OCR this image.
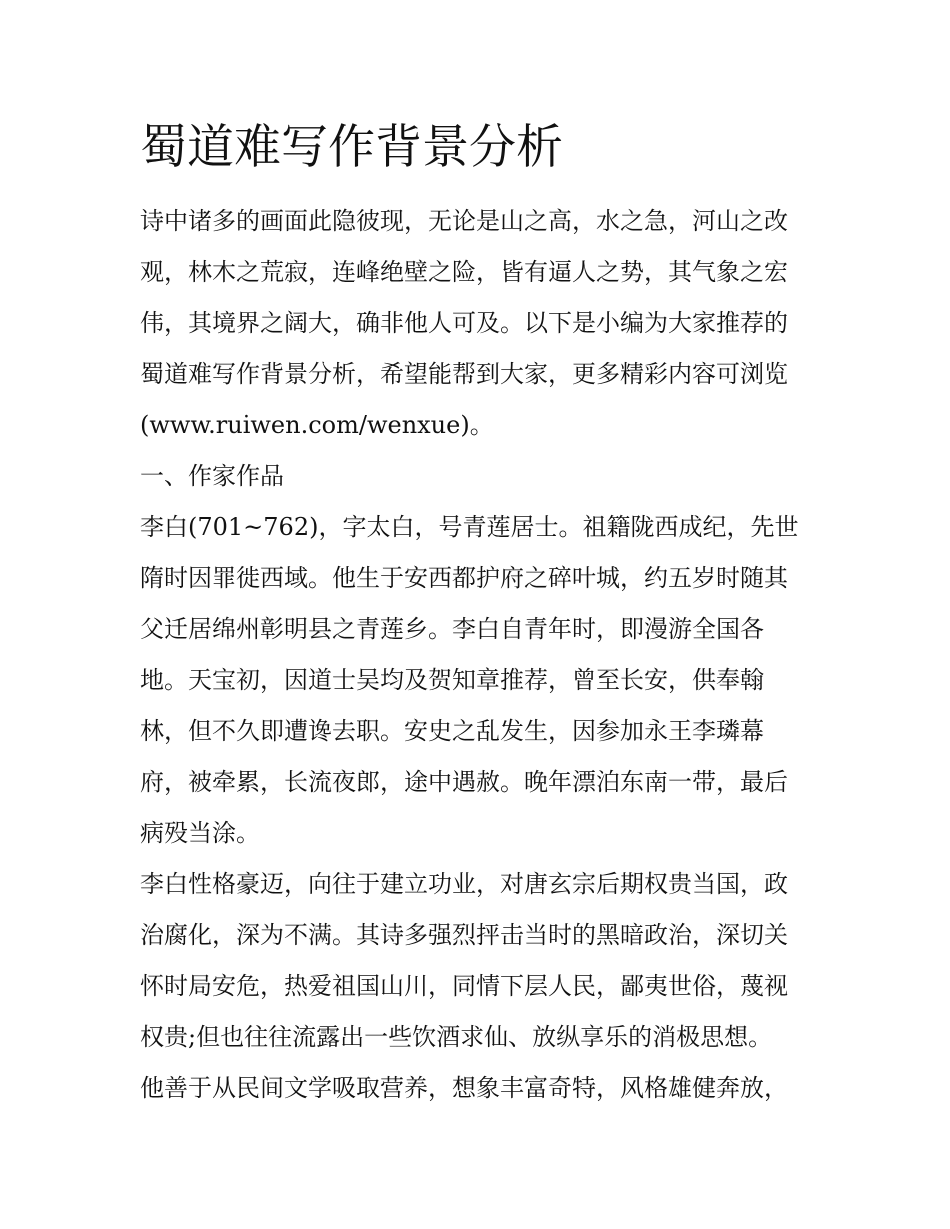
蜀道难写作背景分析

诗中诸多的画面此隐彼现，无论是山之高，水之急，河山之改

观，林木之荒寂，连峰绝壁之险，皆有逼人之势，其气象之宏

伟，其境界之阔大，确非他人可及。以下是小编为大家推荐的

蜀道难写作背景分析，希望能帮到大家，更多精彩内容可浏览

(www.ruiwen.com/wenxue)。

一、作家作品

李白(701~762)，字太白，号青莲居士。祖籍陇西成纪，先世

隋时因罪徙西域。他生于安西都护府之碎叶城，约五岁时随其

父迁居绵州彰明县之青莲乡。李白自青年时，即漫游全国各

地。天宝初，因道士吴均及贺知章推荐，曾至长安，供奉翰

林，但不久即遭谗去职。安史之乱发生，因参加永王李璘幕

府，被牵累，长流夜郎，途中遇赦。晚年漂泊东南一带，最后

病殁当涂。

李白性格豪迈，向往于建立功业，对唐玄宗后期权贵当国，政

治腐化，深为不满。其诗多强烈抨击当时的黑暗政治，深切关

怀时局安危，热爱祖国山川，同情下层人民，鄙夷世俗，蔑视

权贵;但也往往流露出一些饮酒求仙、放纵享乐的消极思想。

他善于从民间文学吸取营养，想象丰富奇特，风格雄健奔放，
